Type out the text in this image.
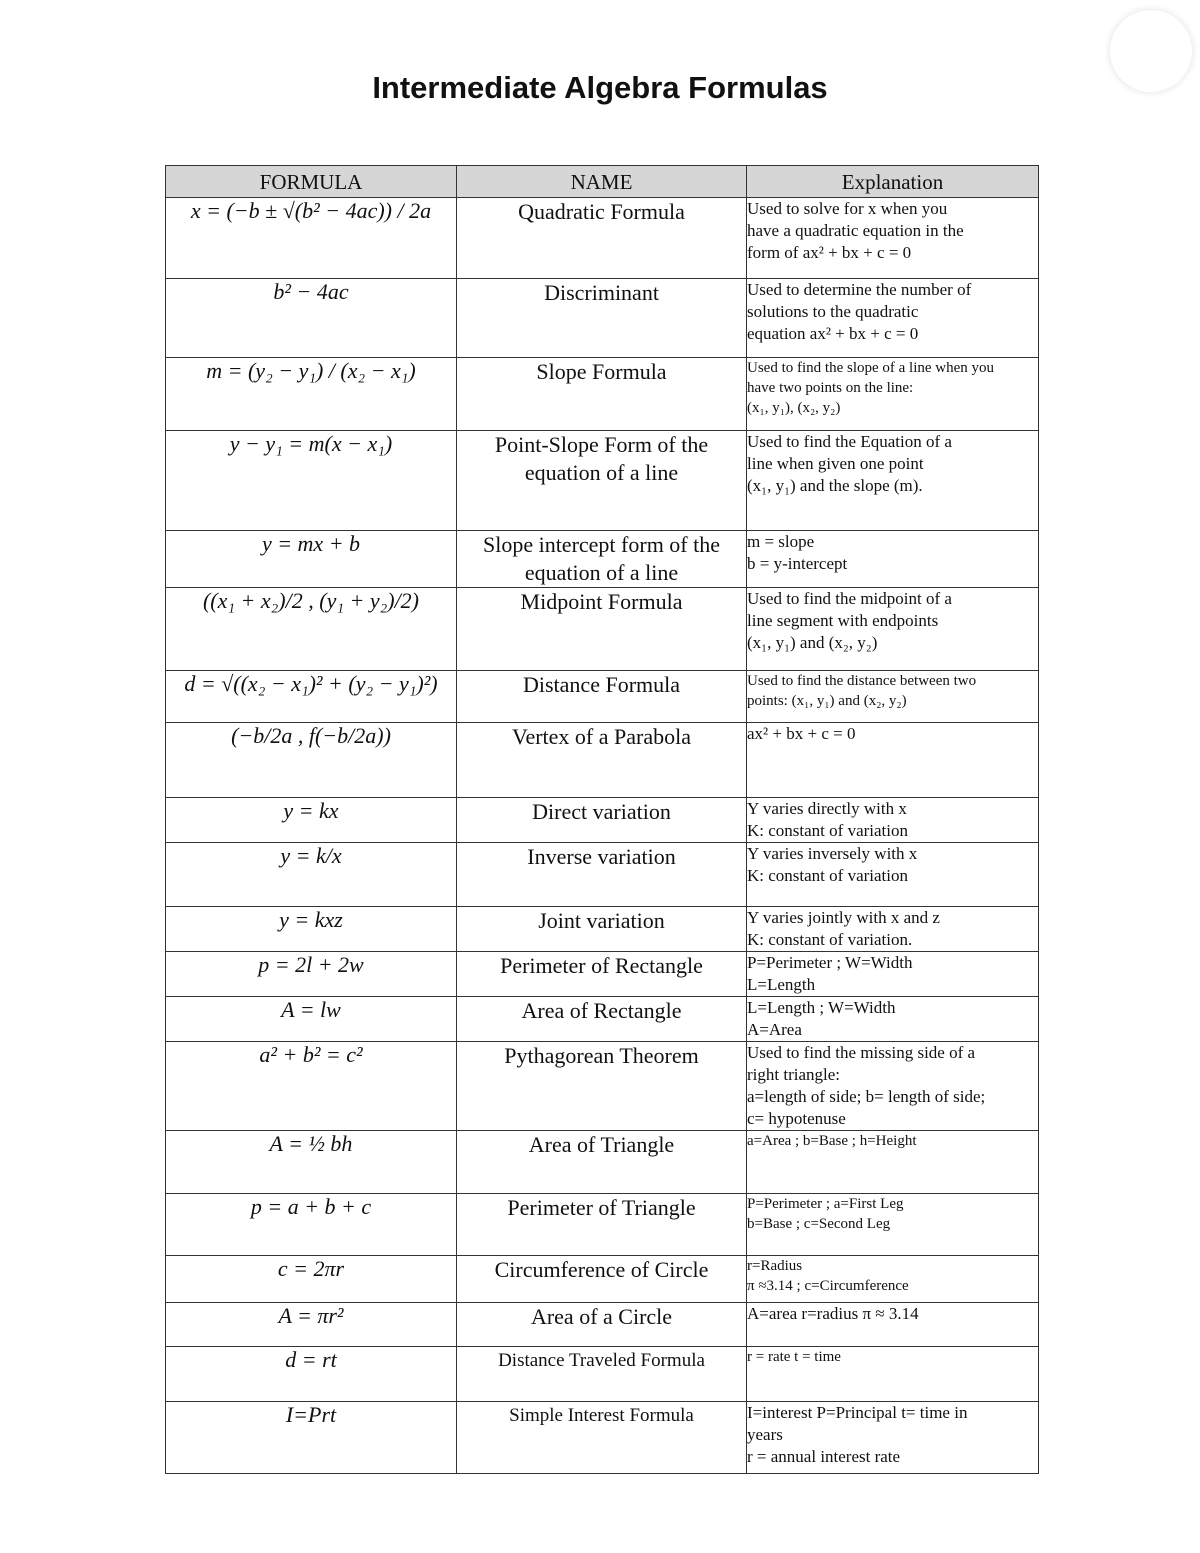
Intermediate Algebra Formulas
FORMULA	NAME	Explanation
x = (−b ± √(b² − 4ac)) / 2a	Quadratic Formula	Used to solve for x when you
have a quadratic equation in the
form of ax² + bx + c = 0

b² − 4ac	Discriminant	Used to determine the number of
solutions to the quadratic
equation ax² + bx + c = 0

m = (y₂ − y₁) / (x₂ − x₁)	Slope Formula	Used to find the slope of a line when you
have two points on the line:
(x₁, y₁), (x₂, y₂)

y − y₁ = m(x − x₁)	Point-Slope Form of the equation of a line	Used to find the Equation of a
line when given one point
(x₁, y₁) and the slope (m).

y = mx + b	Slope intercept form of the equation of a line	m = slope
b = y-intercept

((x₁ + x₂)/2 , (y₁ + y₂)/2)	Midpoint Formula	Used to find the midpoint of a
line segment with endpoints
(x₁, y₁) and (x₂, y₂)

d = √((x₂ − x₁)² + (y₂ − y₁)²)	Distance Formula	Used to find the distance between two
points: (x₁, y₁) and (x₂, y₂)

(−b/2a , f(−b/2a))	Vertex of a Parabola	ax² + bx + c = 0

y = kx	Direct variation	Y varies directly with x
K: constant of variation

y = k/x	Inverse variation	Y varies inversely with x
K: constant of variation

y = kxz	Joint variation	Y varies jointly with x and z
K: constant of variation.

p = 2l + 2w	Perimeter of Rectangle	P=Perimeter ; W=Width
L=Length

A = lw	Area of Rectangle	L=Length ; W=Width
A=Area

a² + b² = c²	Pythagorean Theorem	Used to find the missing side of a
right triangle:
a=length of side; b= length of side;
c= hypotenuse

A = ½ bh	Area of Triangle	a=Area ; b=Base ; h=Height

p = a + b + c	Perimeter of Triangle	P=Perimeter ; a=First Leg
b=Base ; c=Second Leg

c = 2πr	Circumference of Circle	r=Radius
π ≈3.14 ; c=Circumference

A = πr²	Area of a Circle	A=area r=radius π ≈ 3.14

d = rt	Distance Traveled Formula	r = rate t = time

I=Prt	Simple Interest Formula	I=interest P=Principal t= time in
years
r = annual interest rate
